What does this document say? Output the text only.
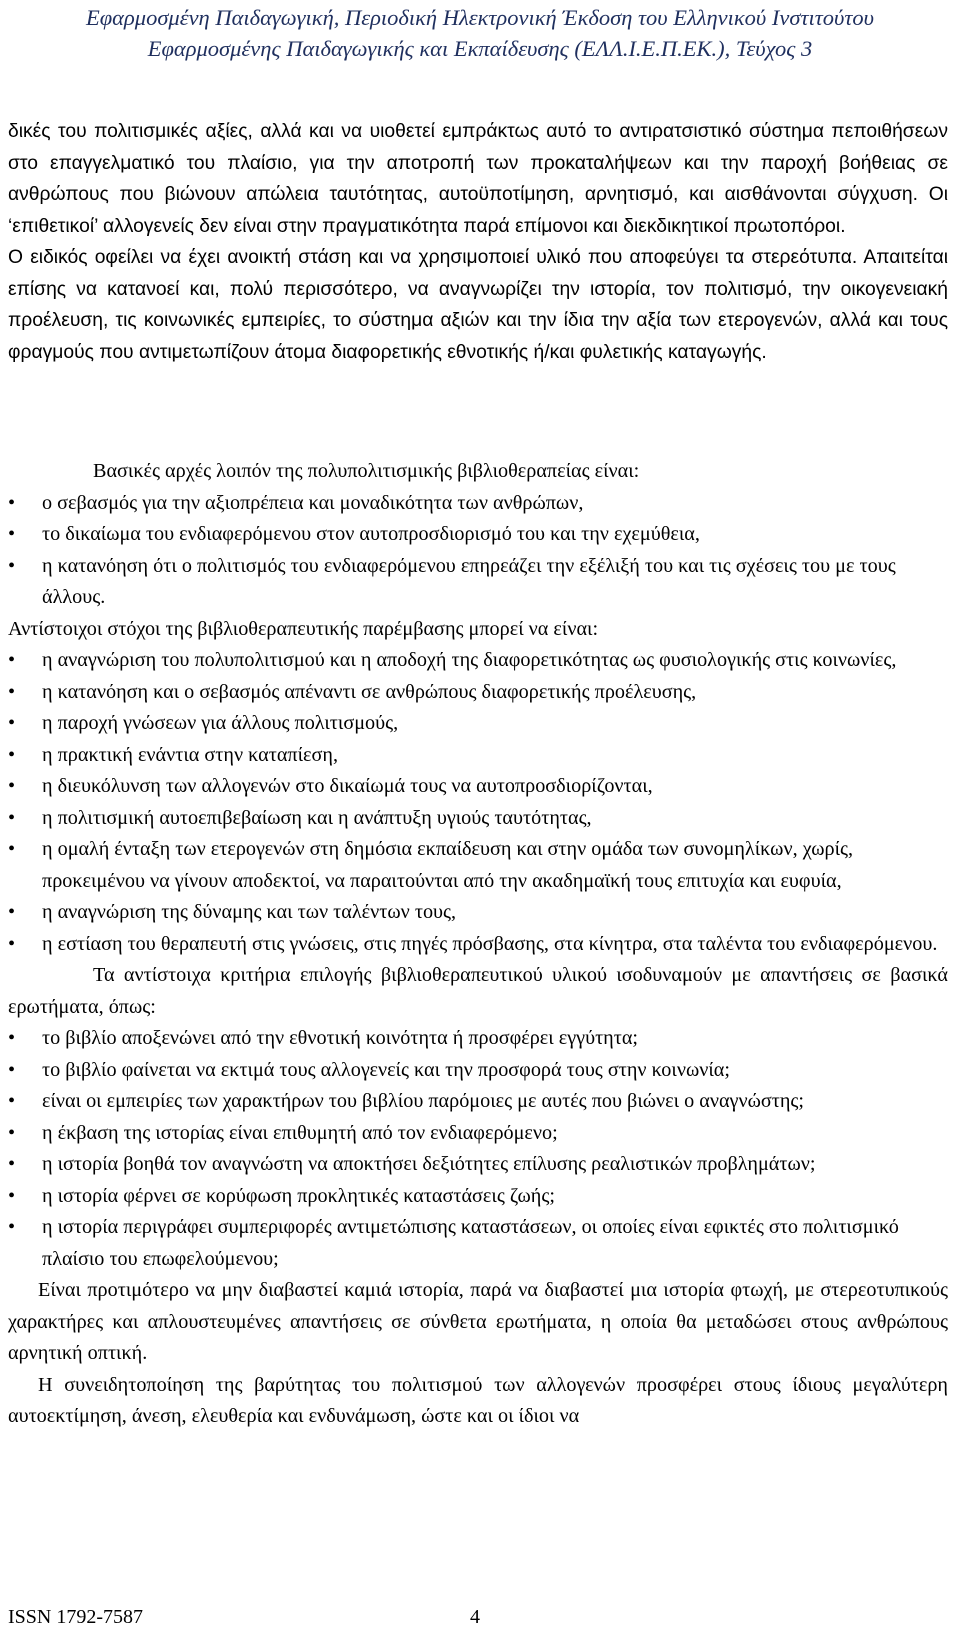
Εφαρμοσμένη Παιδαγωγική, Περιοδική Ηλεκτρονική Έκδοση του Ελληνικού Ινστιτούτου
Εφαρμοσμένης Παιδαγωγικής και Εκπαίδευσης (ΕΛΛ.Ι.Ε.Π.ΕΚ.), Τεύχος 3

δικές του πολιτισμικές αξίες, αλλά και να υιοθετεί εμπράκτως αυτό το αντιρατσιστικό σύστημα πεποιθήσεων στο επαγγελματικό του πλαίσιο, για την αποτροπή των προκαταλήψεων και την παροχή βοήθειας σε ανθρώπους που βιώνουν απώλεια ταυτότητας, αυτοϋποτίμηση, αρνητισμό, και αισθάνονται σύγχυση. Οι ‘επιθετικοί’ αλλογενείς δεν είναι στην πραγματικότητα παρά επίμονοι και διεκδικητικοί πρωτοπόροι.

Ο ειδικός οφείλει να έχει ανοικτή στάση και να χρησιμοποιεί υλικό που αποφεύγει τα στερεότυπα. Απαιτείται επίσης να κατανοεί και, πολύ περισσότερο, να αναγνωρίζει την ιστορία, τον πολιτισμό, την οικογενειακή προέλευση, τις κοινωνικές εμπειρίες, το σύστημα αξιών και την ίδια την αξία των ετερογενών, αλλά και τους φραγμούς που αντιμετωπίζουν άτομα διαφορετικής εθνοτικής ή/και φυλετικής καταγωγής.

Βασικές αρχές λοιπόν της πολυπολιτισμικής βιβλιοθεραπείας είναι:

• ο σεβασμός για την αξιοπρέπεια και μοναδικότητα των ανθρώπων,
• το δικαίωμα του ενδιαφερόμενου στον αυτοπροσδιορισμό του και την εχεμύθεια,
• η κατανόηση ότι ο πολιτισμός του ενδιαφερόμενου επηρεάζει την εξέλιξή του και τις σχέσεις του με τους άλλους.

Αντίστοιχοι στόχοι της βιβλιοθεραπευτικής παρέμβασης μπορεί να είναι:

• η αναγνώριση του πολυπολιτισμού και η αποδοχή της διαφορετικότητας ως φυσιολογικής στις κοινωνίες,
• η κατανόηση και ο σεβασμός απέναντι σε ανθρώπους διαφορετικής προέλευσης,
• η παροχή γνώσεων για άλλους πολιτισμούς,
• η πρακτική ενάντια στην καταπίεση,
• η διευκόλυνση των αλλογενών στο δικαίωμά τους να αυτοπροσδιορίζονται,
• η πολιτισμική αυτοεπιβεβαίωση και η ανάπτυξη υγιούς ταυτότητας,
• η ομαλή ένταξη των ετερογενών στη δημόσια εκπαίδευση και στην ομάδα των συνομηλίκων, χωρίς, προκειμένου να γίνουν αποδεκτοί, να παραιτούνται από την ακαδημαϊκή τους επιτυχία και ευφυία,
• η αναγνώριση της δύναμης και των ταλέντων τους,
• η εστίαση του θεραπευτή στις γνώσεις, στις πηγές πρόσβασης, στα κίνητρα, στα ταλέντα του ενδιαφερόμενου.

Τα αντίστοιχα κριτήρια επιλογής βιβλιοθεραπευτικού υλικού ισοδυναμούν με απαντήσεις σε βασικά ερωτήματα, όπως:

• το βιβλίο αποξενώνει από την εθνοτική κοινότητα ή προσφέρει εγγύτητα;
• το βιβλίο φαίνεται να εκτιμά τους αλλογενείς και την προσφορά τους στην κοινωνία;
• είναι οι εμπειρίες των χαρακτήρων του βιβλίου παρόμοιες με αυτές που βιώνει ο αναγνώστης;
• η έκβαση της ιστορίας είναι επιθυμητή από τον ενδιαφερόμενο;
• η ιστορία βοηθά τον αναγνώστη να αποκτήσει δεξιότητες επίλυσης ρεαλιστικών προβλημάτων;
• η ιστορία φέρνει σε κορύφωση προκλητικές καταστάσεις ζωής;
• η ιστορία περιγράφει συμπεριφορές αντιμετώπισης καταστάσεων, οι οποίες είναι εφικτές στο πολιτισμικό πλαίσιο του επωφελούμενου;

Είναι προτιμότερο να μην διαβαστεί καμιά ιστορία, παρά να διαβαστεί μια ιστορία φτωχή, με στερεοτυπικούς χαρακτήρες και απλουστευμένες απαντήσεις σε σύνθετα ερωτήματα, η οποία θα μεταδώσει στους ανθρώπους αρνητική οπτική.

Η συνειδητοποίηση της βαρύτητας του πολιτισμού των αλλογενών προσφέρει στους ίδιους μεγαλύτερη αυτοεκτίμηση, άνεση, ελευθερία και ενδυνάμωση, ώστε και οι ίδιοι να

ISSN 1792-7587	4
